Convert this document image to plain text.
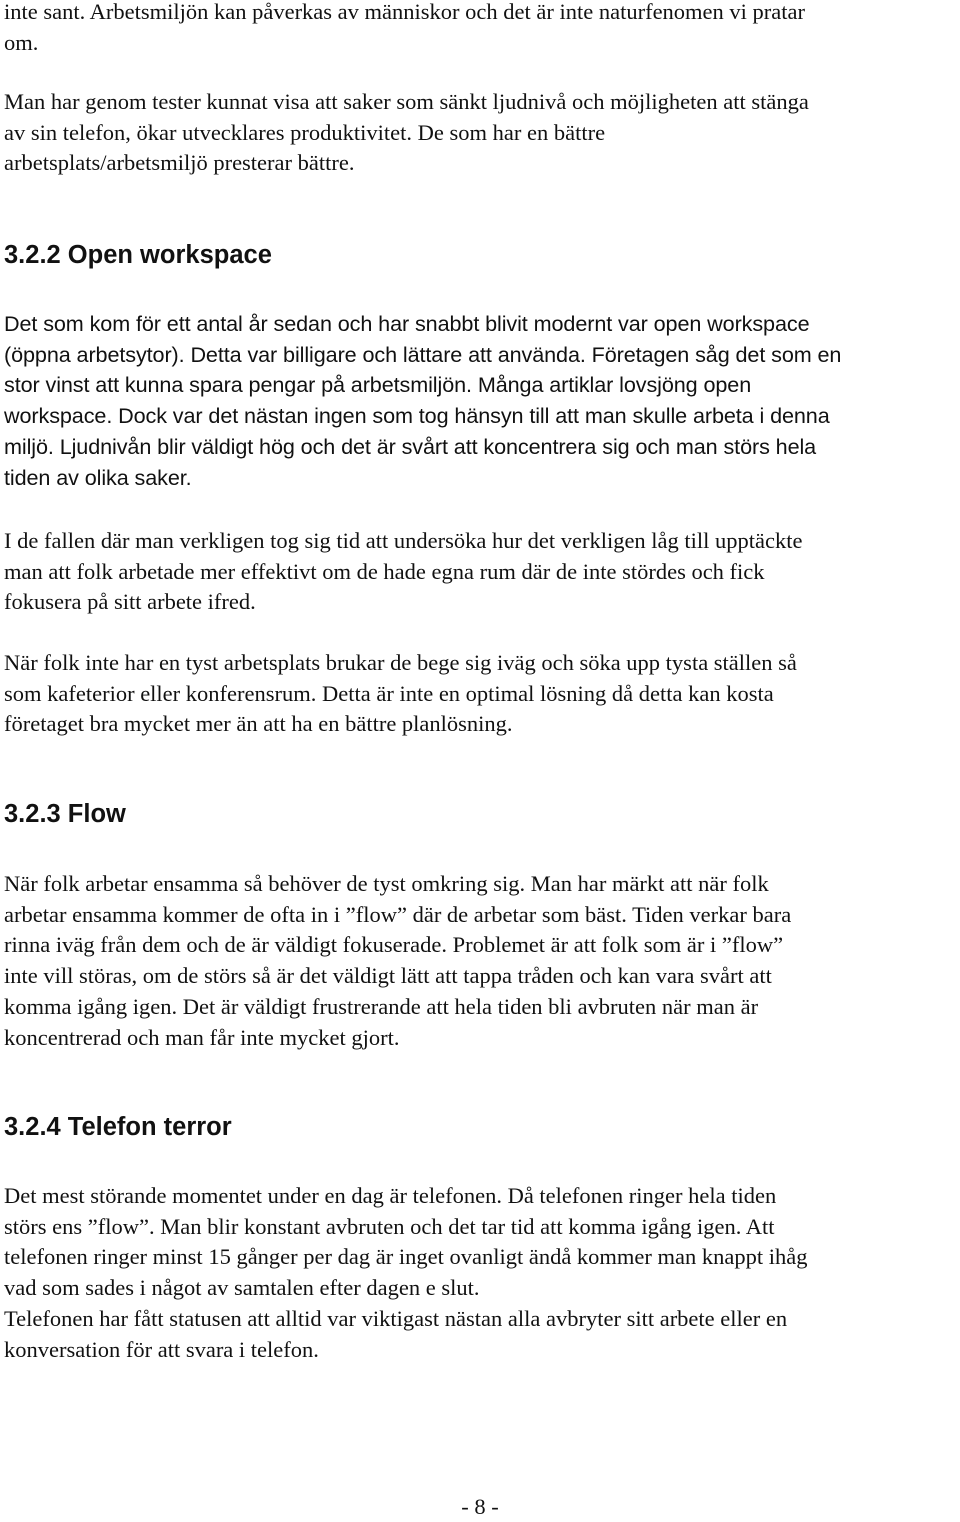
inte sant. Arbetsmiljön kan påverkas av människor och det är inte naturfenomen vi pratar
om.

Man har genom tester kunnat visa att saker som sänkt ljudnivå och möjligheten att stänga
av sin telefon, ökar utvecklares produktivitet. De som har en bättre
arbetsplats/arbetsmiljö presterar bättre.

3.2.2 Open workspace

Det som kom för ett antal år sedan och har snabbt blivit modernt var open workspace
(öppna arbetsytor). Detta var billigare och lättare att använda. Företagen såg det som en
stor vinst att kunna spara pengar på arbetsmiljön. Många artiklar lovsjöng open
workspace. Dock var det nästan ingen som tog hänsyn till att man skulle arbeta i denna
miljö. Ljudnivån blir väldigt hög och det är svårt att koncentrera sig och man störs hela
tiden av olika saker.

I de fallen där man verkligen tog sig tid att undersöka hur det verkligen låg till upptäckte
man att folk arbetade mer effektivt om de hade egna rum där de inte stördes och fick
fokusera på sitt arbete ifred.

När folk inte har en tyst arbetsplats brukar de bege sig iväg och söka upp tysta ställen så
som kafeterior eller konferensrum. Detta är inte en optimal lösning då detta kan kosta
företaget bra mycket mer än att ha en bättre planlösning.

3.2.3 Flow

När folk arbetar ensamma så behöver de tyst omkring sig. Man har märkt att när folk
arbetar ensamma kommer de ofta in i ”flow” där de arbetar som bäst. Tiden verkar bara
rinna iväg från dem och de är väldigt fokuserade. Problemet är att folk som är i ”flow”
inte vill störas, om de störs så är det väldigt lätt att tappa tråden och kan vara svårt att
komma igång igen. Det är väldigt frustrerande att hela tiden bli avbruten när man är
koncentrerad och man får inte mycket gjort.

3.2.4 Telefon terror

Det mest störande momentet under en dag är telefonen. Då telefonen ringer hela tiden
störs ens ”flow”. Man blir konstant avbruten och det tar tid att komma igång igen. Att
telefonen ringer minst 15 gånger per dag är inget ovanligt ändå kommer man knappt ihåg
vad som sades i något av samtalen efter dagen e slut.
Telefonen har fått statusen att alltid var viktigast nästan alla avbryter sitt arbete eller en
konversation för att svara i telefon.

- 8 -
